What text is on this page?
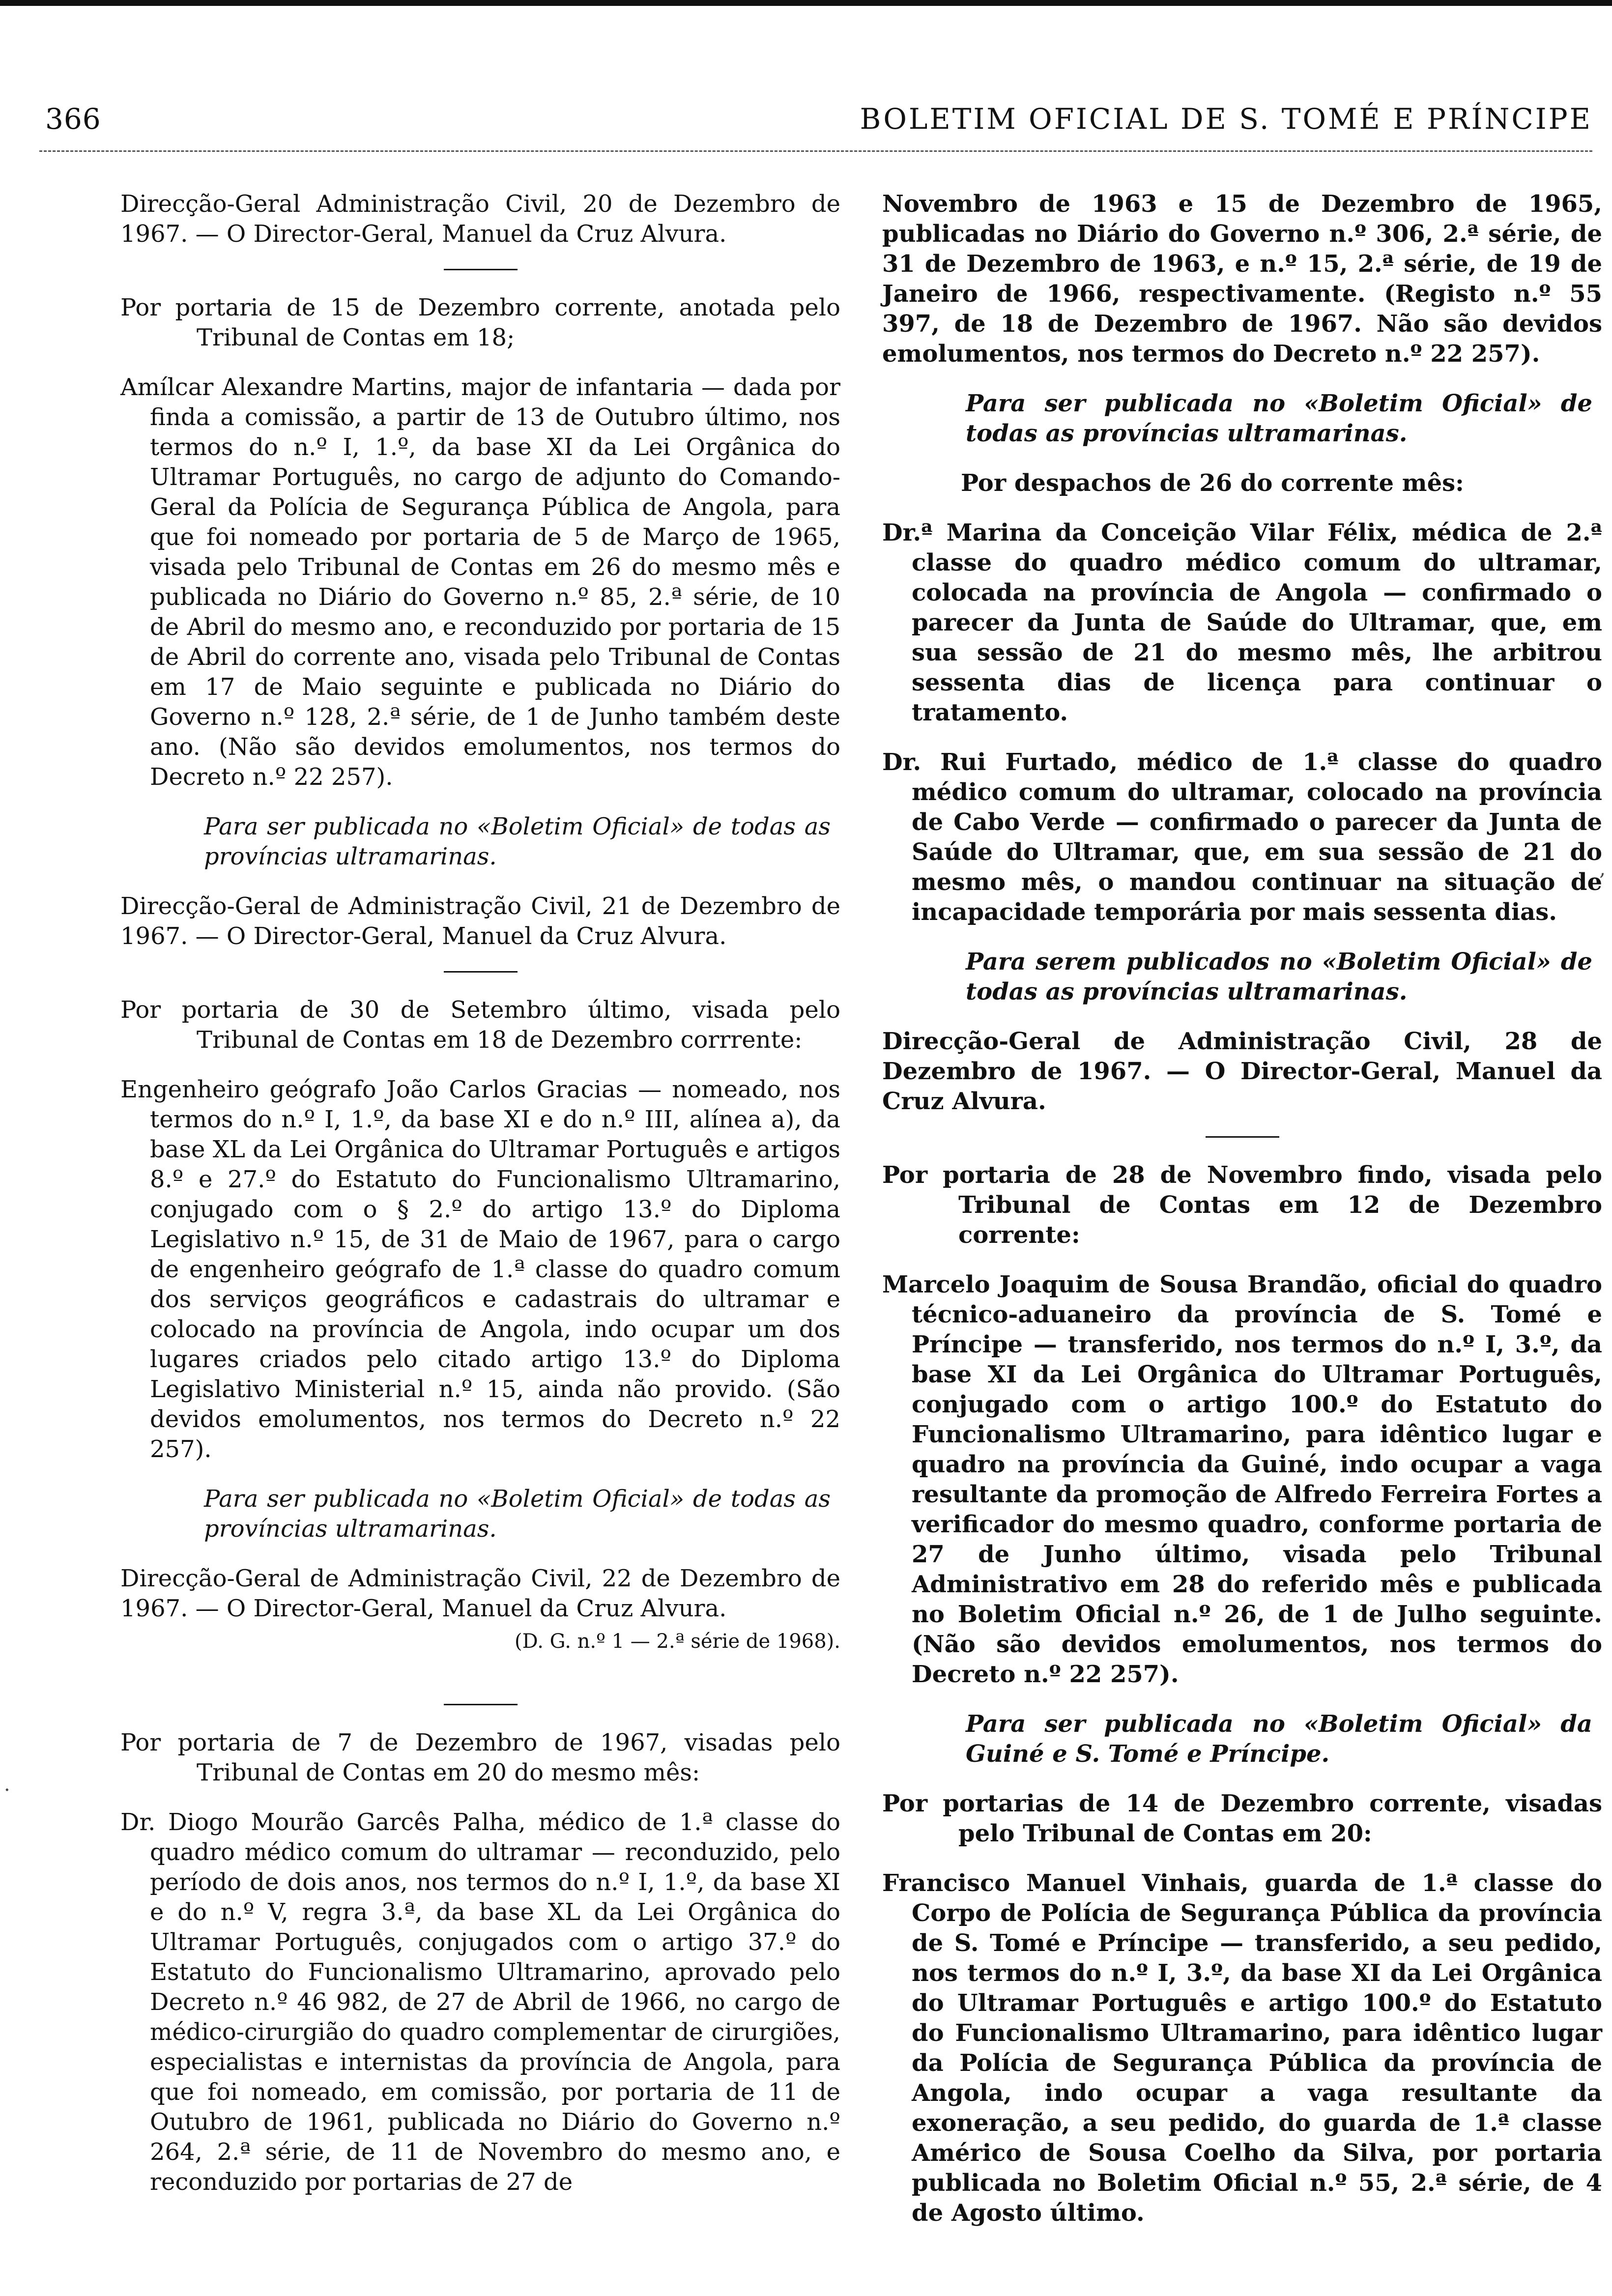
366	BOLETIM OFICIAL DE S. TOMÉ E PRÍNCIPE

Direcção-Geral Administração Civil, 20 de Dezembro de 1967. — O Director-Geral, Manuel da Cruz Alvura.

Por portaria de 15 de Dezembro corrente, anotada pelo Tribunal de Contas em 18;

Amílcar Alexandre Martins, major de infantaria — dada por finda a comissão, a partir de 13 de Outubro último, nos termos do n.º I, 1.º, da base XI da Lei Orgânica do Ultramar Português, no cargo de adjunto do Comando-Geral da Polícia de Segurança Pública de Angola, para que foi nomeado por portaria de 5 de Março de 1965, visada pelo Tribunal de Contas em 26 do mesmo mês e publicada no Diário do Governo n.º 85, 2.ª série, de 10 de Abril do mesmo ano, e reconduzido por portaria de 15 de Abril do corrente ano, visada pelo Tribunal de Contas em 17 de Maio seguinte e publicada no Diário do Governo n.º 128, 2.ª série, de 1 de Junho também deste ano. (Não são devidos emolumentos, nos termos do Decreto n.º 22 257).

Para ser publicada no «Boletim Oficial» de todas as províncias ultramarinas.

Direcção-Geral de Administração Civil, 21 de Dezembro de 1967. — O Director-Geral, Manuel da Cruz Alvura.

Por portaria de 30 de Setembro último, visada pelo Tribunal de Contas em 18 de Dezembro corrrente:

Engenheiro geógrafo João Carlos Gracias — nomeado, nos termos do n.º I, 1.º, da base XI e do n.º III, alínea a), da base XL da Lei Orgânica do Ultramar Português e artigos 8.º e 27.º do Estatuto do Funcionalismo Ultramarino, conjugado com o § 2.º do artigo 13.º do Diploma Legislativo n.º 15, de 31 de Maio de 1967, para o cargo de engenheiro geógrafo de 1.ª classe do quadro comum dos serviços geográficos e cadastrais do ultramar e colocado na província de Angola, indo ocupar um dos lugares criados pelo citado artigo 13.º do Diploma Legislativo Ministerial n.º 15, ainda não provido. (São devidos emolumentos, nos termos do Decreto n.º 22 257).

Para ser publicada no «Boletim Oficial» de todas as províncias ultramarinas.

Direcção-Geral de Administração Civil, 22 de Dezembro de 1967. — O Director-Geral, Manuel da Cruz Alvura.

(D. G. n.º 1 — 2.ª série de 1968).

Por portaria de 7 de Dezembro de 1967, visadas pelo Tribunal de Contas em 20 do mesmo mês:

Dr. Diogo Mourão Garcês Palha, médico de 1.ª classe do quadro médico comum do ultramar — reconduzido, pelo período de dois anos, nos termos do n.º I, 1.º, da base XI e do n.º V, regra 3.ª, da base XL da Lei Orgânica do Ultramar Português, conjugados com o artigo 37.º do Estatuto do Funcionalismo Ultramarino, aprovado pelo Decreto n.º 46 982, de 27 de Abril de 1966, no cargo de médico-cirurgião do quadro complementar de cirurgiões, especialistas e internistas da província de Angola, para que foi nomeado, em comissão, por portaria de 11 de Outubro de 1961, publicada no Diário do Governo n.º 264, 2.ª série, de 11 de Novembro do mesmo ano, e reconduzido por portarias de 27 de

Novembro de 1963 e 15 de Dezembro de 1965, publicadas no Diário do Governo n.º 306, 2.ª série, de 31 de Dezembro de 1963, e n.º 15, 2.ª série, de 19 de Janeiro de 1966, respectivamente. (Registo n.º 55 397, de 18 de Dezembro de 1967. Não são devidos emolumentos, nos termos do Decreto n.º 22 257).

Para ser publicada no «Boletim Oficial» de todas as províncias ultramarinas.

Por despachos de 26 do corrente mês:

Dr.ª Marina da Conceição Vilar Félix, médica de 2.ª classe do quadro médico comum do ultramar, colocada na província de Angola — confirmado o parecer da Junta de Saúde do Ultramar, que, em sua sessão de 21 do mesmo mês, lhe arbitrou sessenta dias de licença para continuar o tratamento.

Dr. Rui Furtado, médico de 1.ª classe do quadro médico comum do ultramar, colocado na província de Cabo Verde — confirmado o parecer da Junta de Saúde do Ultramar, que, em sua sessão de 21 do mesmo mês, o mandou continuar na situação de incapacidade temporária por mais sessenta dias.

Para serem publicados no «Boletim Oficial» de todas as províncias ultramarinas.

Direcção-Geral de Administração Civil, 28 de Dezembro de 1967. — O Director-Geral, Manuel da Cruz Alvura.

Por portaria de 28 de Novembro findo, visada pelo Tribunal de Contas em 12 de Dezembro corrente:

Marcelo Joaquim de Sousa Brandão, oficial do quadro técnico-aduaneiro da província de S. Tomé e Príncipe — transferido, nos termos do n.º I, 3.º, da base XI da Lei Orgânica do Ultramar Português, conjugado com o artigo 100.º do Estatuto do Funcionalismo Ultramarino, para idêntico lugar e quadro na província da Guiné, indo ocupar a vaga resultante da promoção de Alfredo Ferreira Fortes a verificador do mesmo quadro, conforme portaria de 27 de Junho último, visada pelo Tribunal Administrativo em 28 do referido mês e publicada no Boletim Oficial n.º 26, de 1 de Julho seguinte. (Não são devidos emolumentos, nos termos do Decreto n.º 22 257).

Para ser publicada no «Boletim Oficial» da Guiné e S. Tomé e Príncipe.

Por portarias de 14 de Dezembro corrente, visadas pelo Tribunal de Contas em 20:

Francisco Manuel Vinhais, guarda de 1.ª classe do Corpo de Polícia de Segurança Pública da província de S. Tomé e Príncipe — transferido, a seu pedido, nos termos do n.º I, 3.º, da base XI da Lei Orgânica do Ultramar Português e artigo 100.º do Estatuto do Funcionalismo Ultramarino, para idêntico lugar da Polícia de Segurança Pública da província de Angola, indo ocupar a vaga resultante da exoneração, a seu pedido, do guarda de 1.ª classe Américo de Sousa Coelho da Silva, por portaria publicada no Boletim Oficial n.º 55, 2.ª série, de 4 de Agosto último.

‚
·
